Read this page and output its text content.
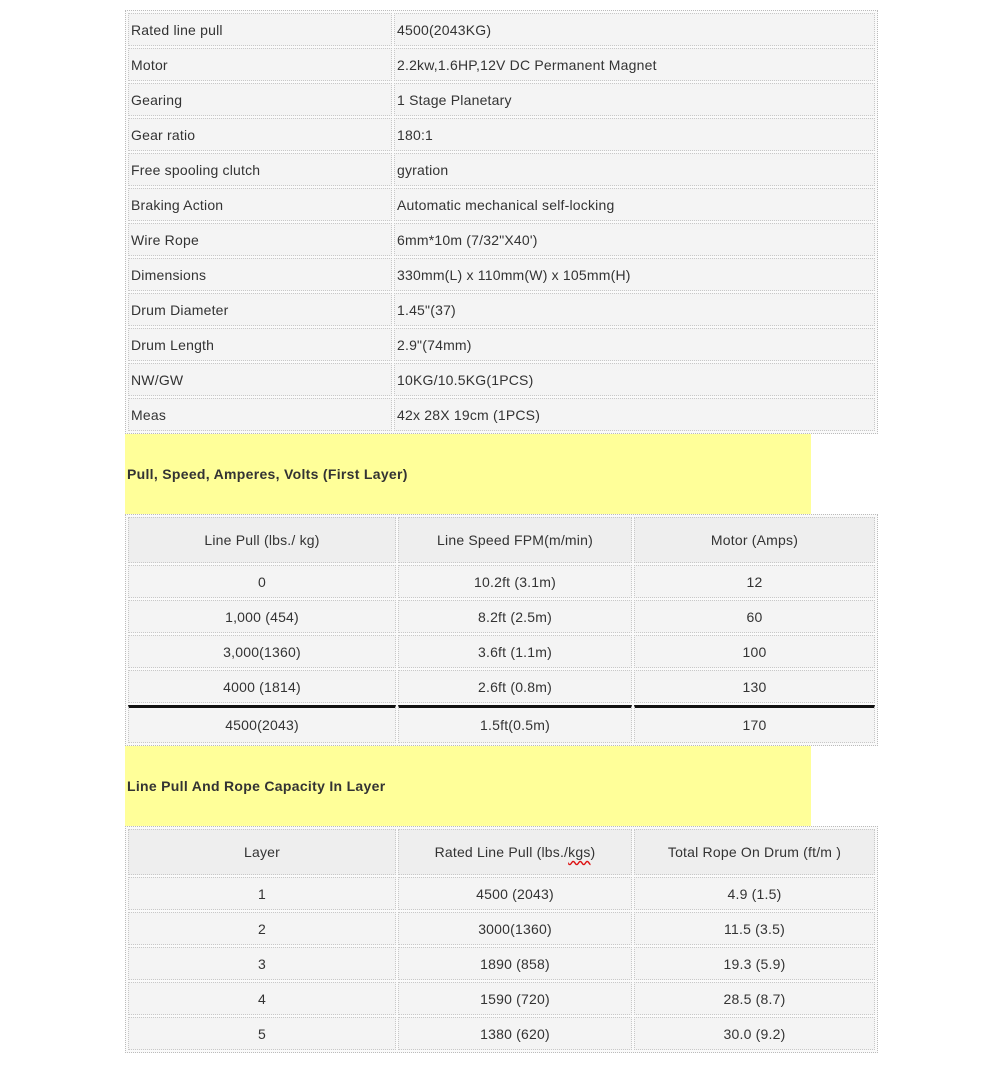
Rated line pull	4500(2043KG)
Motor	2.2kw,1.6HP,12V DC Permanent Magnet
Gearing	1 Stage Planetary
Gear ratio	180:1
Free spooling clutch	gyration
Braking Action	Automatic mechanical self-locking
Wire Rope	6mm*10m (7/32"X40')
Dimensions	330mm(L) x 110mm(W) x 105mm(H)
Drum Diameter	1.45"(37)
Drum Length	2.9"(74mm)
NW/GW	10KG/10.5KG(1PCS)
Meas	42x 28X 19cm (1PCS)
Pull, Speed, Amperes, Volts (First Layer)
Line Pull (lbs./ kg)	Line Speed FPM(m/min)	Motor (Amps)
0	10.2ft (3.1m)	12
1,000 (454)	8.2ft (2.5m)	60
3,000(1360)	3.6ft (1.1m)	100
4000 (1814)	2.6ft (0.8m)	130
4500(2043)	1.5ft(0.5m)	170
Line Pull And Rope Capacity In Layer
Layer	Rated Line Pull (lbs./kgs)	Total Rope On Drum (ft/m )
1	4500 (2043)	4.9 (1.5)
2	3000(1360)	11.5 (3.5)
3	1890 (858)	19.3 (5.9)
4	1590 (720)	28.5 (8.7)
5	1380 (620)	30.0 (9.2)
